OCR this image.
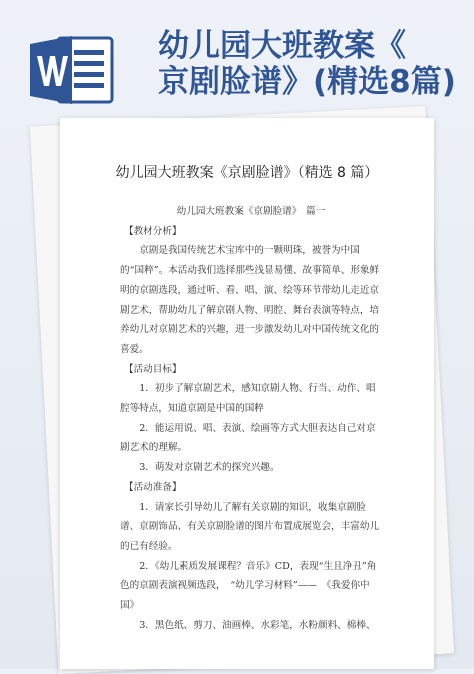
幼儿园大班教案《
京剧脸谱》(精选8篇)
幼儿园大班教案《京剧脸谱》（精选 8 篇）

幼儿园大班教案《京剧脸谱》　篇一

【教材分析】

京剧是我国传统艺术宝库中的一颗明珠，被誉为中国的“国粹”。本活动我们选择那些浅显易懂、故事简单、形象鲜明的京剧选段，通过听、看、唱、演、绘等环节带幼儿走近京剧艺术，帮助幼儿了解京剧人物、明腔、舞台表演等特点，培养幼儿对京剧艺术的兴趣，进一步激发幼儿对中国传统文化的喜爱。

【活动目标】

1．初步了解京剧艺术，感知京剧人物、行当、动作、唱腔等特点，知道京剧是中国的国粹

2．能运用说、唱、表演、绘画等方式大胆表达自己对京剧艺术的理解。

3．萌发对京剧艺术的探究兴趣。

【活动准备】

1．请家长引导幼儿了解有关京剧的知识，收集京剧脸谱、京剧饰品、有关京剧脸谱的图片布置成展览会，丰富幼儿的已有经验。

2．《幼儿素质发展课程？音乐》CD，表现“生且净丑”角色的京剧表演视频选段，　“幼儿学习材料”——　《我爱你中国》

3．黑色纸、剪刀、油画棒、水彩笔，水粉颜料、棉棒、
